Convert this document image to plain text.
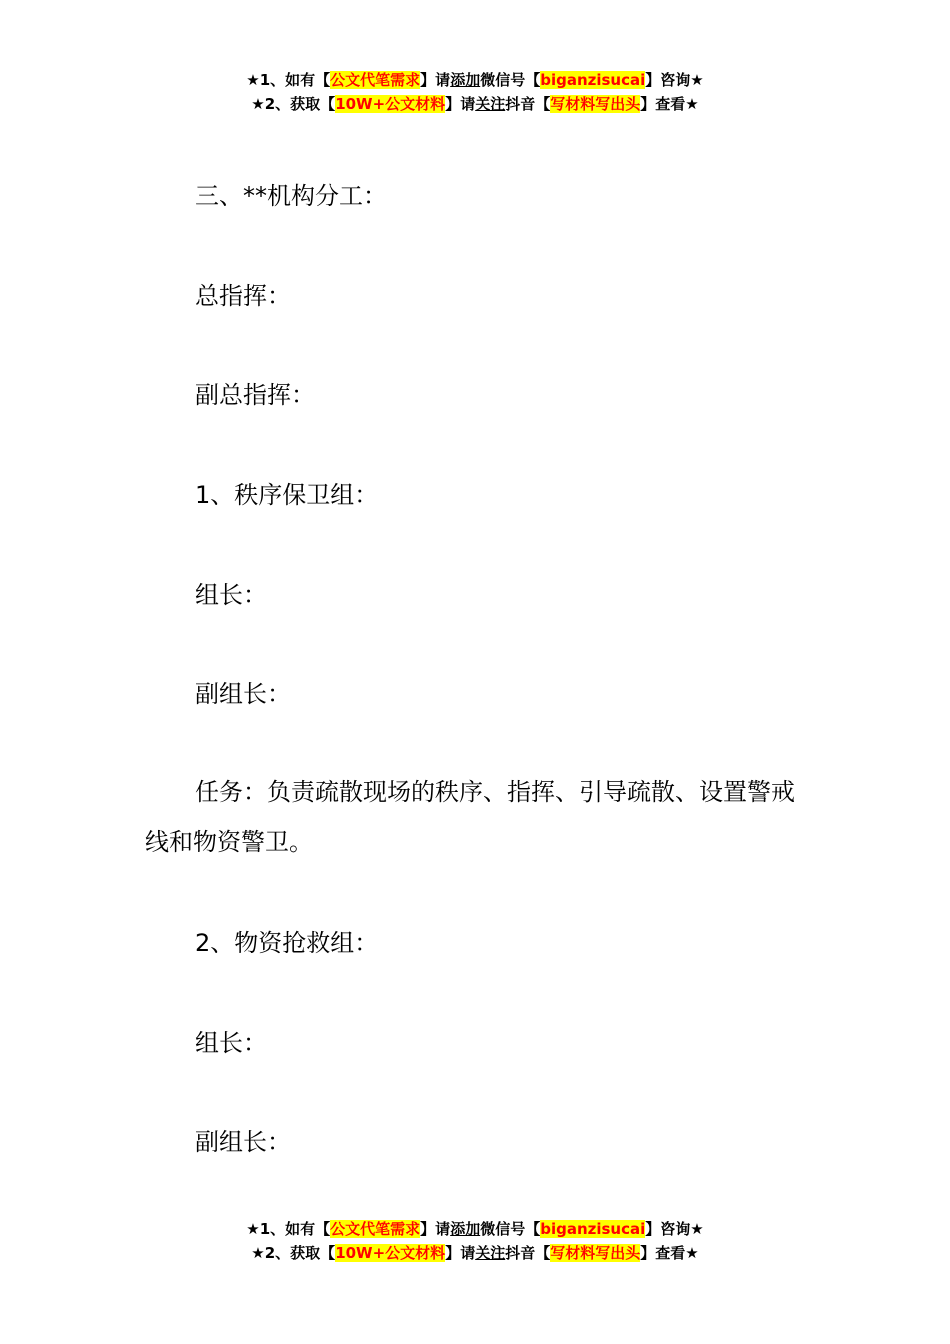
★1、如有【公文代笔需求】请添加微信号【biganzisucai】咨询★
★2、获取【10W+公文材料】请关注抖音【写材料写出头】查看★
三、**机构分工：
总指挥：
副总指挥：
1、秩序保卫组：
组长：
副组长：
任务：负责疏散现场的秩序、指挥、引导疏散、设置警戒线和物资警卫。
2、物资抢救组：
组长：
副组长：
★1、如有【公文代笔需求】请添加微信号【biganzisucai】咨询★
★2、获取【10W+公文材料】请关注抖音【写材料写出头】查看★
